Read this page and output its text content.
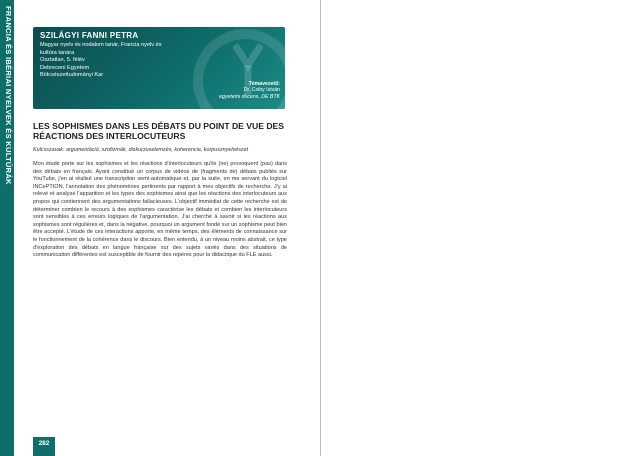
FRANCIA ÉS IBÉRIAI NYELVEK ÉS KULTÚRÁK	SZILÁGYI FANNI PETRA
Magyar nyelv és irodalom tanár, Francia nyelv és
kultúra tanára
Osztatlan, 5. félév
Debreceni Egyetem
Bölcsészettudományi Kar
Témavezető:
Dr. Csiby István
egyetemi docens, DE BTK
LES SOPHISMES DANS LES DÉBATS DU POINT DE VUE DES RÉACTIONS DES INTERLOCUTEURS
Kulcsszavak: argumentáció, szofizmák, diskurzuselemzés, koherencia, korpusznyelvészet
Mon étude porte sur les sophismes et les réactions d'interlocuteurs qu'ils (ne) provoquent (pas) dans des débats en français. Ayant constitué un corpus de vidéos de (fragments de) débats publiés sur YouTube, j'en ai réalisé une transcription semi-automatique et, par la suite, en me servant du logiciel INCePTION, l'annotation des phénomènes pertinents par rapport à mes objectifs de recherche. J'y ai relevé et analysé l'apparition et les types des sophismes ainsi que les réactions des interlocuteurs aux propos qui contiennent des argumentations fallacieuses. L'objectif immédiat de cette recherche est de déterminer combien le recours à des sophismes caractérise les débats et combien les interlocuteurs sont sensibles à ces erreurs logiques de l'argumentation. J'ai cherché à savoir si les réactions aux sophismes sont régulières et, dans la négative, pourquoi un argument fondé sur un sophisme peut bien être accepté. L'étude de ces interactions apporte, en même temps, des éléments de connaissance sur le fonctionnement de la cohérence dans le discours. Bien entendu, à un niveau moins abstrait, ce type d'exploration des débats en langue française sur des sujets variés dans des situations de communication différentes est susceptible de fournir des repères pour la didactique du FLE aussi.
282
